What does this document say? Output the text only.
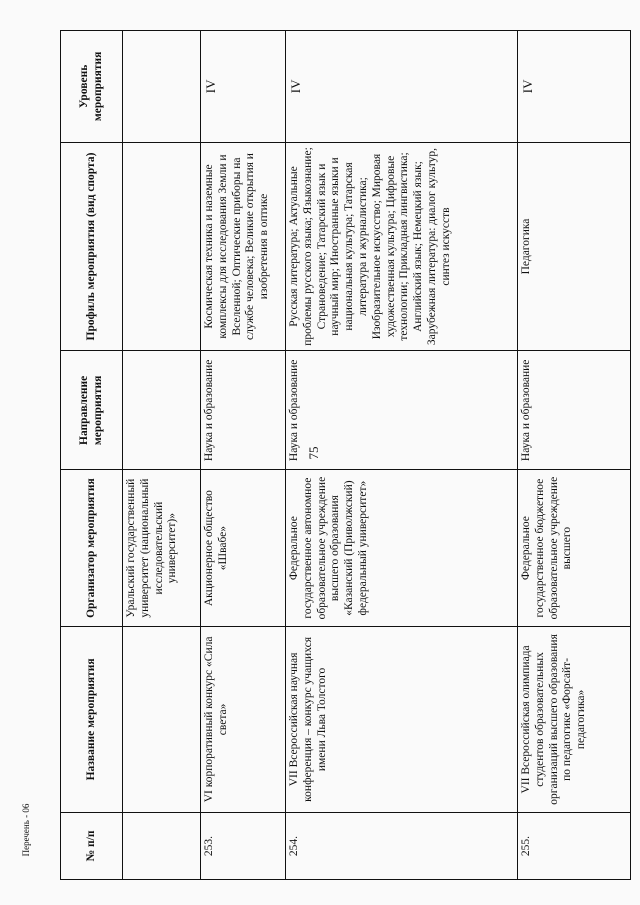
75
Перечень - 06	№ п/п	Название мероприятия	Организатор мероприятия	Направление мероприятия	Профиль мероприятия (вид спорта)	Уровень мероприятия
		Уральский государственный университет (национальный исследовательский университет)»			
253.	VI корпоративный конкурс «Сила света»	Акционерное общество «Швабе»	Наука и образование	Космическая техника и наземные комплексы для исследования Земли и Вселенной; Оптические приборы на службе человека; Великие открытия и изобретения в оптике	IV
254.	VII Всероссийская научная конференция – конкурс учащихся имени Льва Толстого	Федеральное государственное автономное образовательное учреждение высшего образования «Казанский (Приволжский) федеральный университет»	Наука и образование	Русская литература; Актуальные проблемы русского языка; Языкознание; Страноведение; Татарский язык и научный мир; Иностранные языки и национальная культура; Татарская литература и журналистика; Изобразительное искусство; Мировая художественная культура; Цифровые технологии; Прикладная лингвистика; Английский язык; Немецкий язык; Зарубежная литература: диалог культур, синтез искусств	IV
255.	VII Всероссийская олимпиада студентов образовательных организаций высшего образования по педагогике «Форсайт-педагогика»	Федеральное государственное бюджетное образовательное учреждение высшего	Наука и образование	Педагогика	IV
